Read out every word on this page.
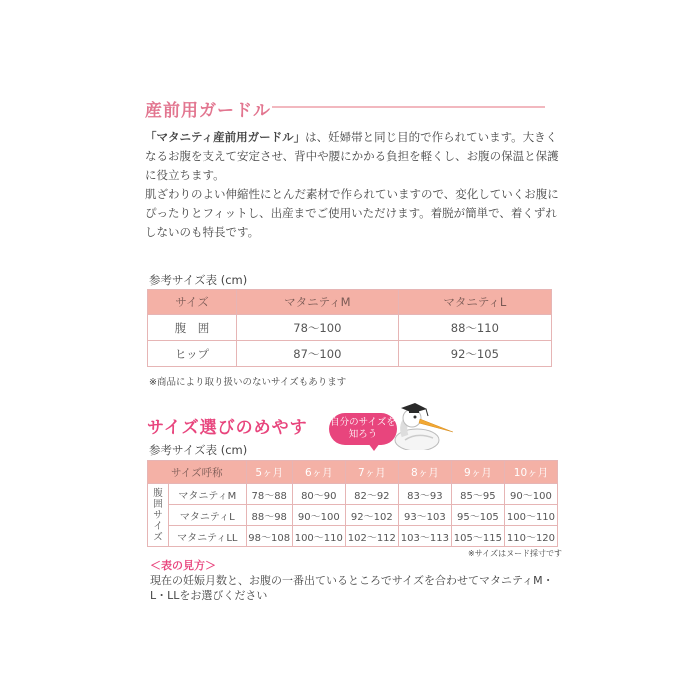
産前用ガードル

「マタニティ産前用ガードル」は、妊婦帯と同じ目的で作られています。大きくなるお腹を支えて安定させ、背中や腰にかかる負担を軽くし、お腹の保温と保護に役立ちます。

肌ざわりのよい伸縮性にとんだ素材で作られていますので、変化していくお腹にぴったりとフィットし、出産までご使用いただけます。着脱が簡単で、着くずれしないのも特長です。

参考サイズ表 (cm)
サイズ	マタニティM	マタニティL
腹　囲	78～100	88～110
ヒップ	87～100	92～105
※商品により取り扱いのないサイズもあります
サイズ選びのめやす 自分のサイズを
知ろう
参考サイズ表 (cm)
サイズ呼称		5ヶ月	6ヶ月	7ヶ月	8ヶ月	9ヶ月	10ヶ月
腹
囲
サ
イ
ズ	マタニティM	78～88	80～90	82～92	83～93	85～95	90～100
	マタニティL	88～98	90～100	92～102	93～103	95～105	100～110
	マタニティLL	98～108	100～110	102～112	103～113	105～115	110～120
※サイズはヌード採寸です
＜表の見方＞
現在の妊娠月数と、お腹の一番出ているところでサイズを合わせてマタニティM・L・LLをお選びください
